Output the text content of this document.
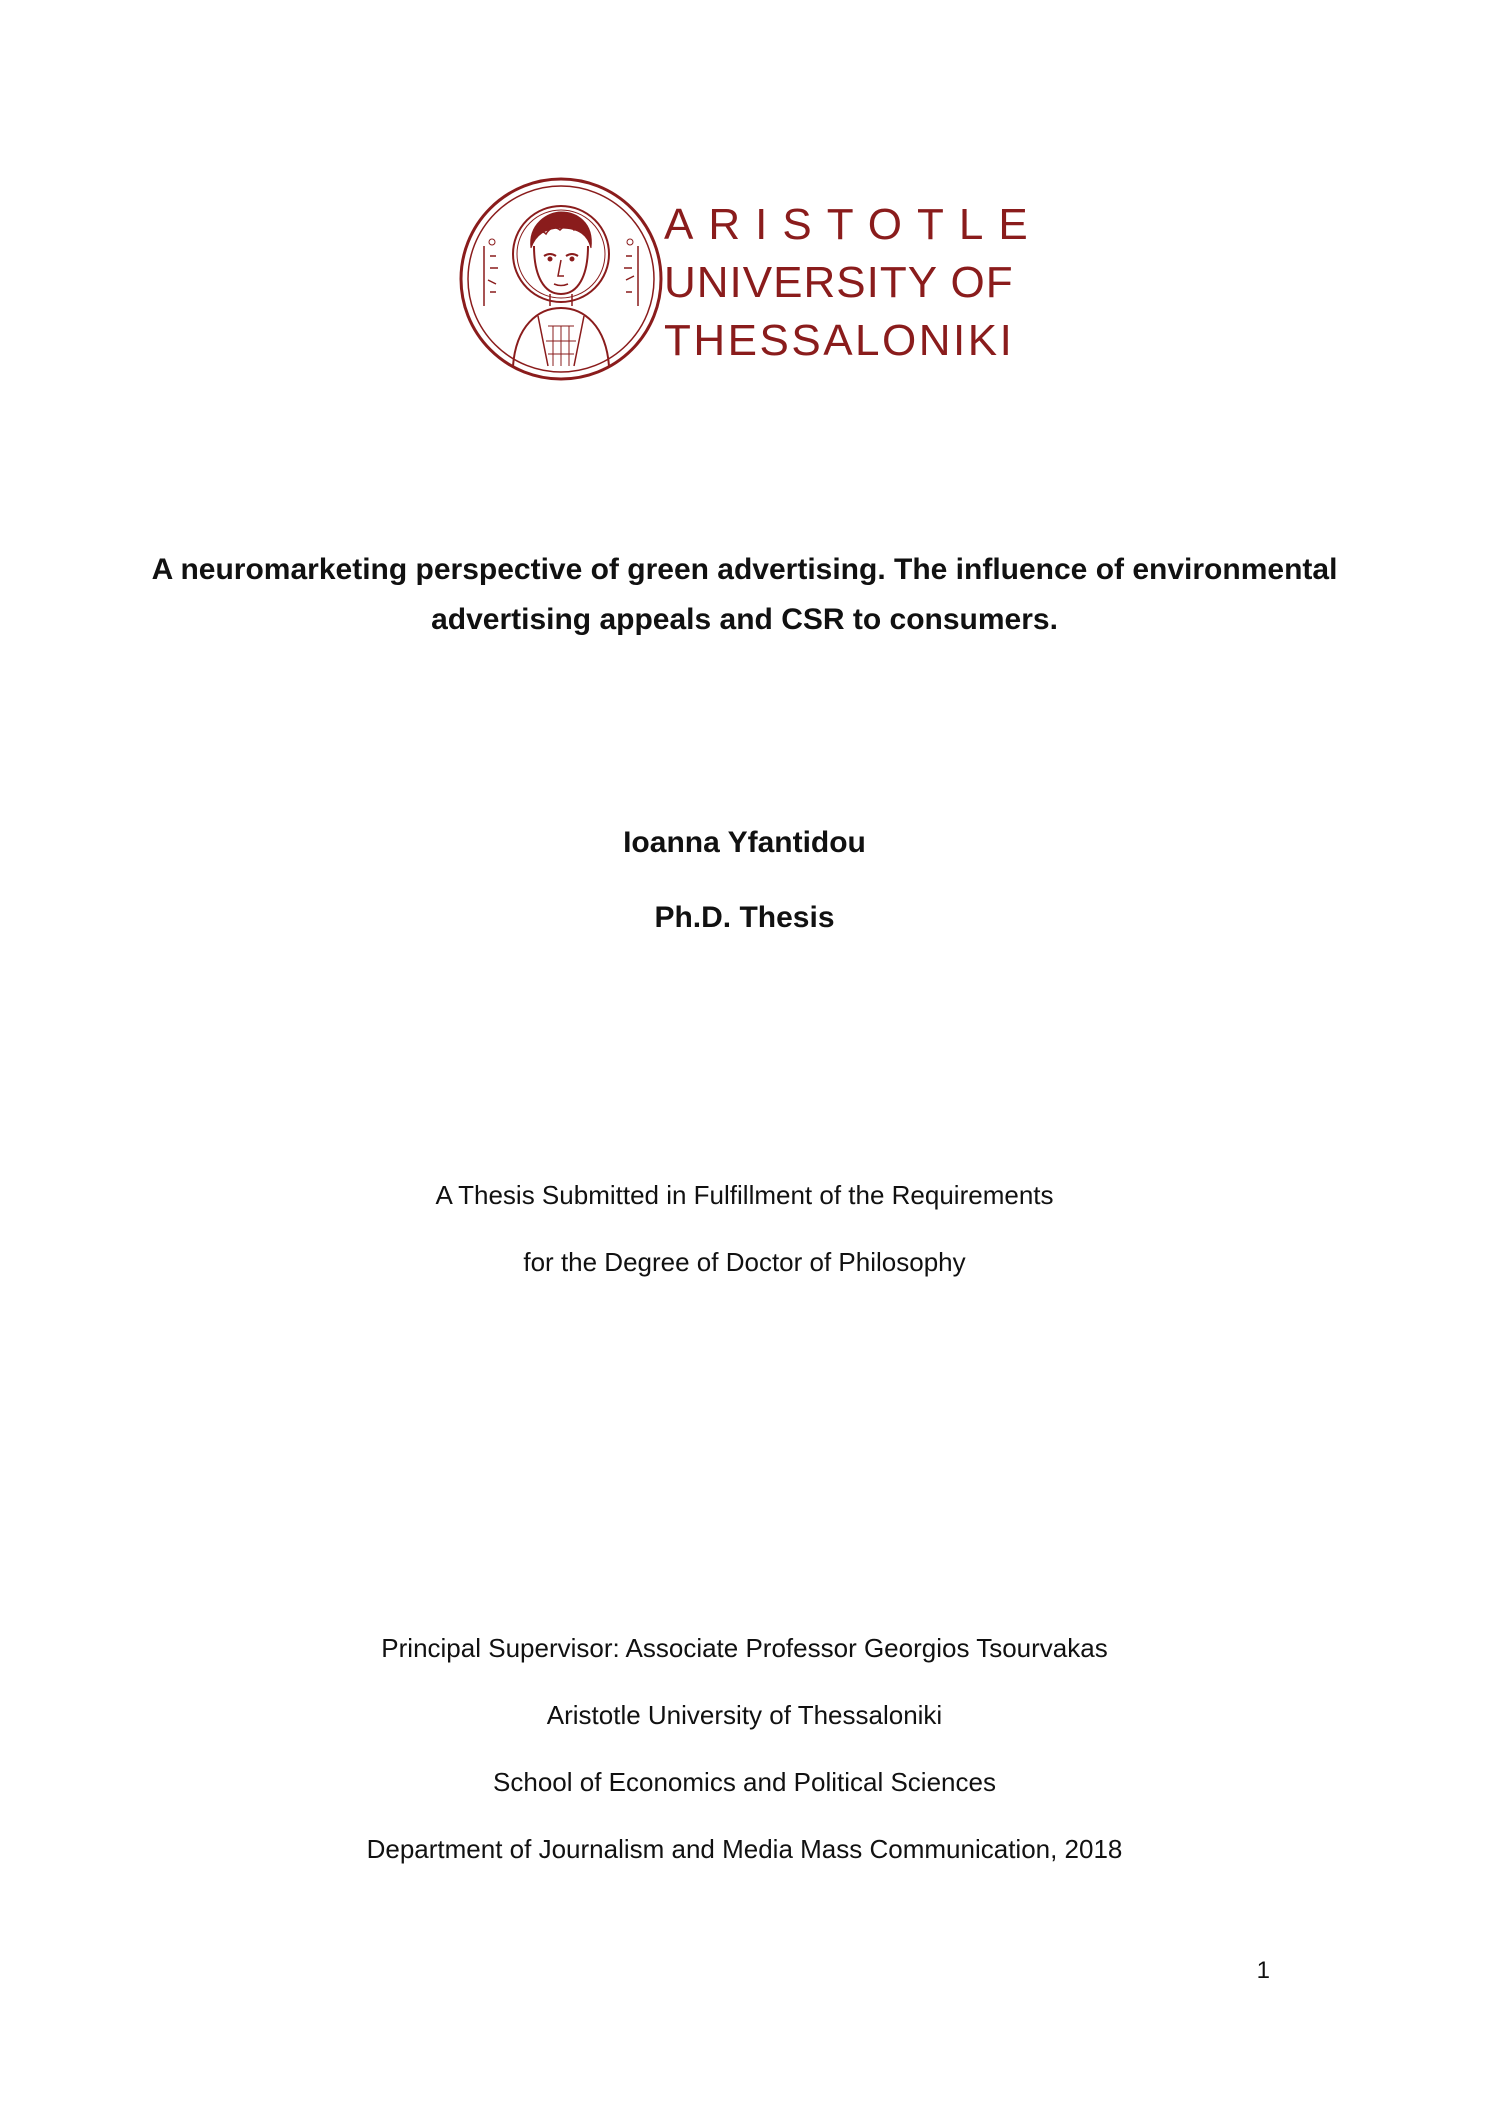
ARISTOTLE
UNIVERSITY OF
THESSALONIKI
A neuromarketing perspective of green advertising. The influence of environmental advertising appeals and CSR to consumers.

Ioanna Yfantidou

Ph.D. Thesis

A Thesis Submitted in Fulfillment of the Requirements

for the Degree of Doctor of Philosophy

Principal Supervisor: Associate Professor Georgios Tsourvakas

Aristotle University of Thessaloniki

School of Economics and Political Sciences

Department of Journalism and Media Mass Communication, 2018

1
